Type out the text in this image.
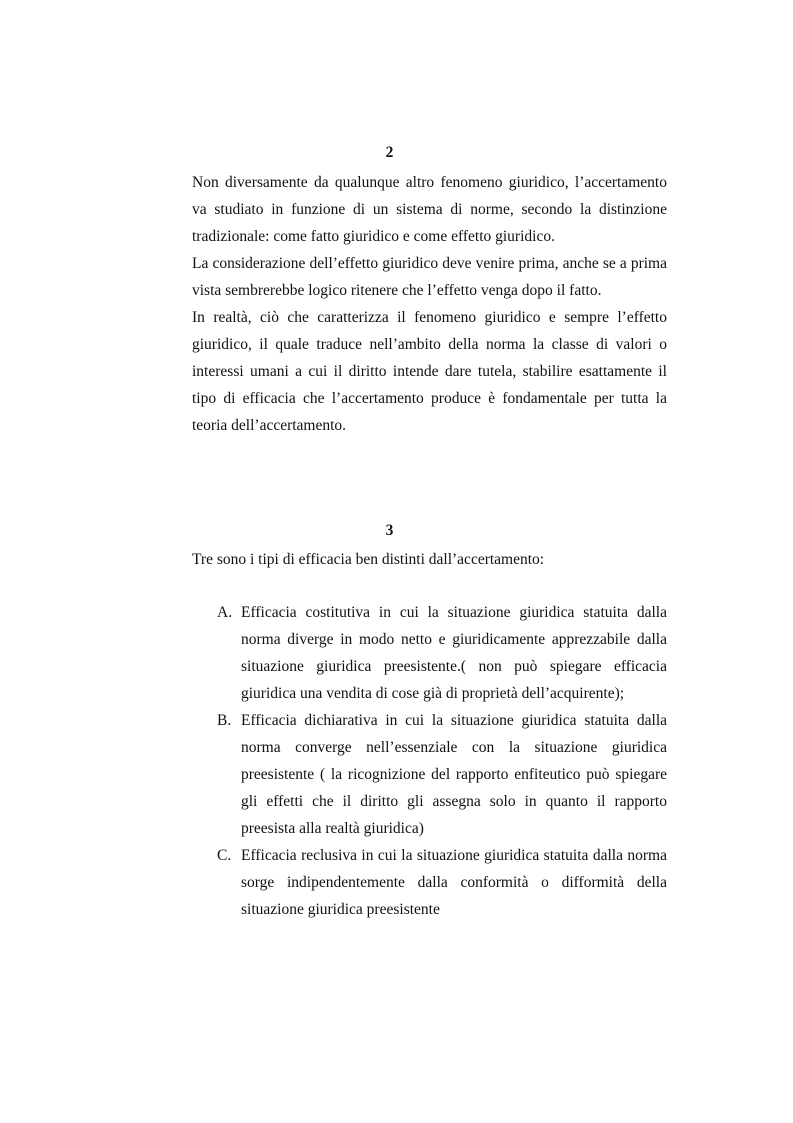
2

Non diversamente da qualunque altro fenomeno giuridico, l’accertamento va studiato in funzione di un sistema di norme, secondo la distinzione tradizionale: come fatto giuridico e come effetto giuridico.

La considerazione dell’effetto giuridico deve venire prima, anche se a prima vista sembrerebbe logico ritenere che l’effetto venga dopo il fatto.

In realtà, ciò che caratterizza il fenomeno giuridico e sempre l’effetto giuridico, il quale traduce nell’ambito della norma la classe di valori o interessi umani a cui il diritto intende dare tutela, stabilire esattamente il tipo di efficacia che l’accertamento produce è fondamentale per tutta la teoria dell’accertamento.

3

Tre sono i tipi di efficacia ben distinti dall’accertamento:

A. Efficacia costitutiva in cui la situazione giuridica statuita dalla norma diverge in modo netto e giuridicamente apprezzabile dalla situazione giuridica preesistente.( non può spiegare efficacia giuridica una vendita di cose già di proprietà dell’acquirente);
B. Efficacia dichiarativa in cui la situazione giuridica statuita dalla norma converge nell’essenziale con la situazione giuridica preesistente ( la ricognizione del rapporto enfiteutico può spiegare gli effetti che il diritto gli assegna solo in quanto il rapporto preesista alla realtà giuridica)
C. Efficacia reclusiva in cui la situazione giuridica statuita dalla norma sorge indipendentemente dalla conformità o difformità della situazione giuridica preesistente
